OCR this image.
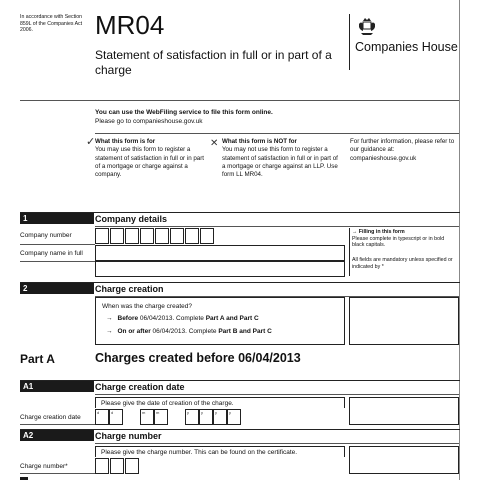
In accordance with Section 859L of the Companies Act 2006.	MR04
Statement of satisfaction in full or in part of a charge
Companies House
You can use the WebFiling service to file this form online.
Please go to companieshouse.gov.uk
✓ What this form is for
You may use this form to register a statement of satisfaction in full or in part of a mortgage or charge against a company.
✕ What this form is NOT for
You may not use this form to register a statement of satisfaction in full or in part of a mortgage or charge against an LLP. Use form LL MR04.
For further information, please refer to our guidance at: companieshouse.gov.uk
1	Company details
Company number
Company name in full
→ Filling in this form
Please complete in typescript or in bold black capitals.
All fields are mandatory unless specified or indicated by *
2	Charge creation
When was the charge created?
→ Before 06/04/2013. Complete Part A and Part C
→ On or after 06/04/2013. Complete Part B and Part C
Part A	Charges created before 06/04/2013
A1	Charge creation date
Please give the date of creation of the charge.
Charge creation date
d	d	m	m	y	y	y	y
A2	Charge number
Please give the charge number. This can be found on the certificate.
Charge number*
